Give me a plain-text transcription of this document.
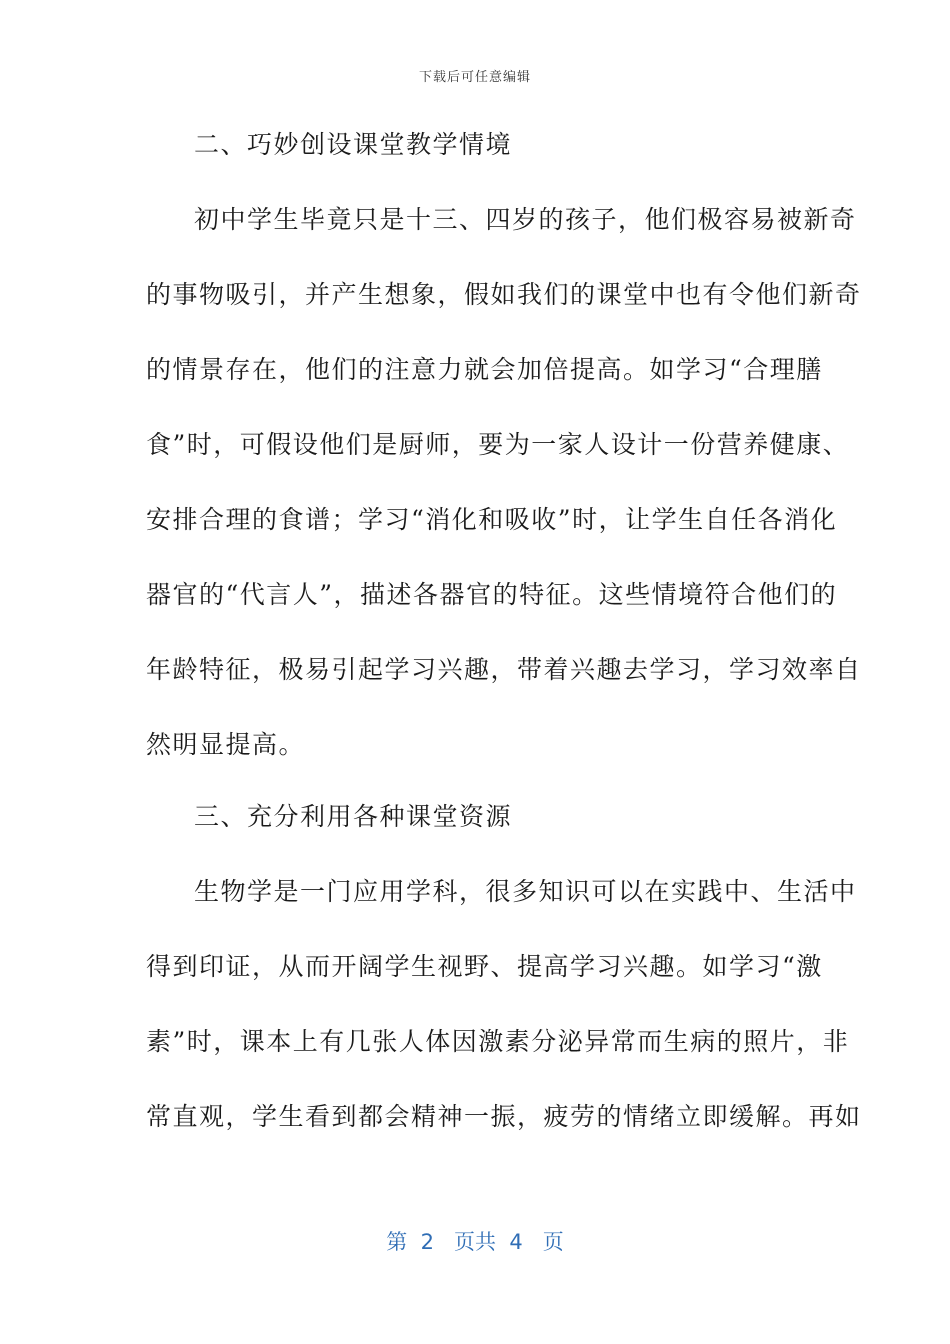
下载后可任意编辑
二、巧妙创设课堂教学情境
初中学生毕竟只是十三、四岁的孩子，他们极容易被新奇
的事物吸引，并产生想象，假如我们的课堂中也有令他们新奇
的情景存在，他们的注意力就会加倍提高。如学习“合理膳
食”时，可假设他们是厨师，要为一家人设计一份营养健康、
安排合理的食谱；学习“消化和吸收”时，让学生自任各消化
器官的“代言人”，描述各器官的特征。这些情境符合他们的
年龄特征，极易引起学习兴趣，带着兴趣去学习，学习效率自
然明显提高。
三、充分利用各种课堂资源
生物学是一门应用学科，很多知识可以在实践中、生活中
得到印证，从而开阔学生视野、提高学习兴趣。如学习“激
素”时，课本上有几张人体因激素分泌异常而生病的照片，非
常直观，学生看到都会精神一振，疲劳的情绪立即缓解。再如
第  2   页共  4   页
